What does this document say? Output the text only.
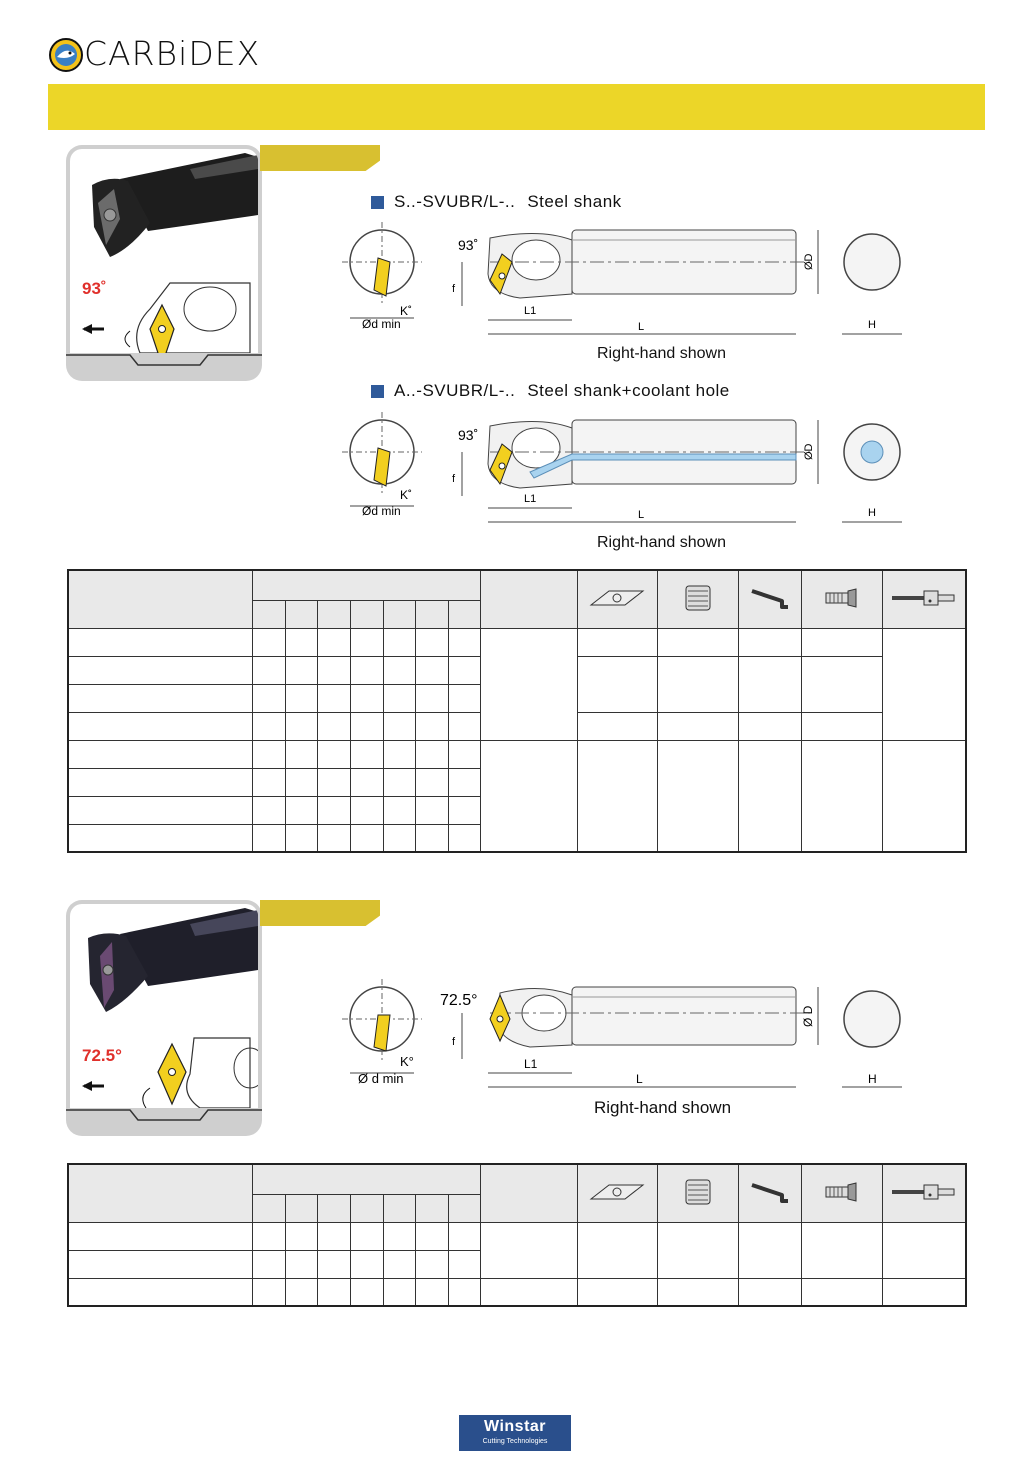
CARBiDEX
93˚
S..-SVUBR/L-.. Steel shank
K˚
Ød min
93˚
f
L1
L
ØD
H
Right-hand shown
A..-SVUBR/L-.. Steel shank+coolant hole
K˚
Ød min
93˚
f
L1
L
ØD
H
Right-hand shown

72.5°	K°
Ø d min
72.5°
f
L1
L
Ø D
H
Right-hand shown

Winstar
Cutting Technologies
